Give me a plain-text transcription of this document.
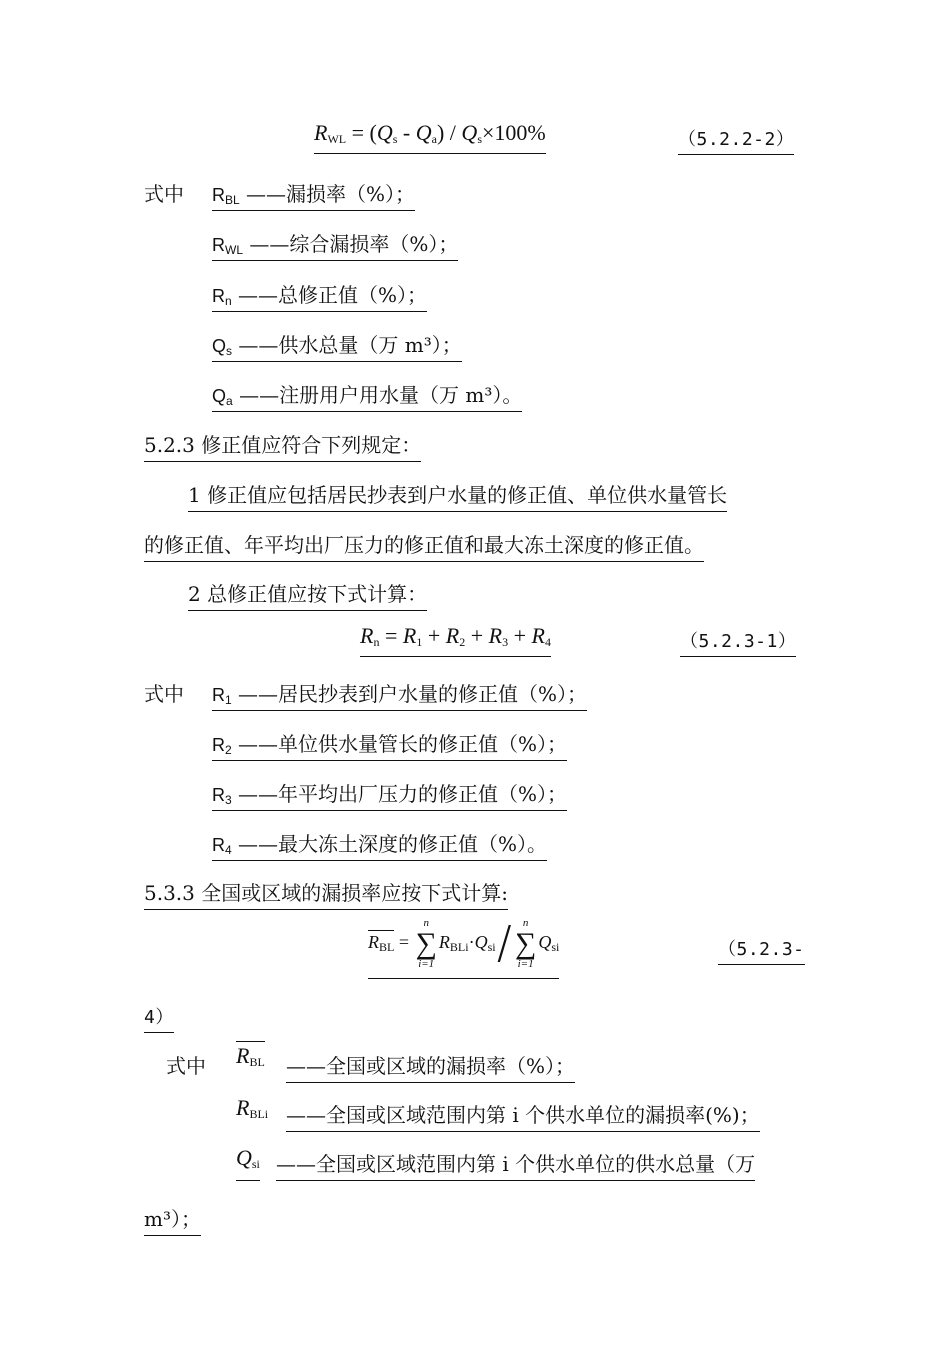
$R_{WL} = (Q_s - Q_a) / Q_s\times 100\%$	（5.2.2-2）
式中 $R_{BL}$ ——漏损率（%）；
$R_{WL}$ ——综合漏损率（%）；
$R_n$ ——总修正值（%）；
$Q_s$ ——供水总量（万 m³）；
$Q_a$ ——注册用户用水量（万 m³）。
5.2.3 修正值应符合下列规定：
1 修正值应包括居民抄表到户水量的修正值、单位供水量管长
的修正值、年平均出厂压力的修正值和最大冻土深度的修正值。
2 总修正值应按下式计算：
$R_n = R_1 + R_2 + R_3 + R_4$	（5.2.3-1）
式中 $R_1$ ——居民抄表到户水量的修正值（%）；
$R_2$ ——单位供水量管长的修正值（%）；
$R_3$ ——年平均出厂压力的修正值（%）；
$R_4$ ——最大冻土深度的修正值（%）。
5.3.3 全国或区域的漏损率应按下式计算:
$R_{BL}$ =
n
∑
i=1
$R_{BLi}\cdot Q_{si}/$ n
∑
i=1
$Q_{si}$	（5.2.3-
4）
式中 $R_{BL}$ ——全国或区域的漏损率（%）；
$R_{BLi}$ ——全国或区域范围内第 i 个供水单位的漏损率(%)；
$Q_{si}$ ——全国或区域范围内第 i 个供水单位的供水总量（万
m³）；
